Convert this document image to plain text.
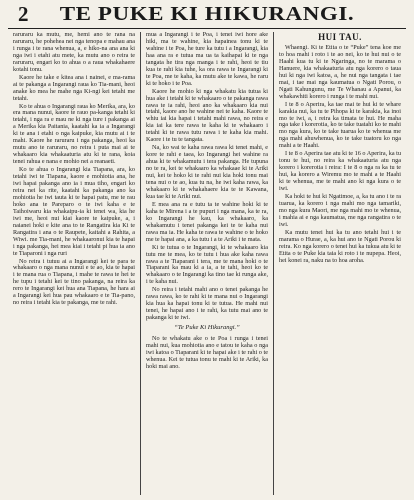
2	TE PUKE KI HIKURANGI.

raruraru ka mutu, me, hemi ano te rana na raruraru, he pohehea nei nga tenopa e mahau ana i runga i te rana whenua, a, e hiko-na ana ana ki nga iwi i etahi atu mete, ka mutu ano o reira te raruraru, engari ko to ahua o a raua whakahaere kotahi tonu.

Kaore he take e kitea ana i nainei, e ma-rama ai te pakanga a Ingarangi raua ko Tia-mani, heoi anake ko mea he mahe nga Ki-ngi kei tetahi me tetahi.

Ko te ahua o Ingarangi raua ko Merika, ara, ko era mana nunui, kaore te rauo pa-kanga tetahi ki tetahi, i nga ra e mau ne ki nga ture i pakanga ai a Merika kia Paitania, kaatahi ka ia a Ingarangi ki te ana i etahi o nga kaipuke, kia mutu ai i te mahi. Kaore he raruraru i nga pakanga, heoi ka mutu ano te raruraru, no reira i puta mai ai te whakaaro kia whakaaturia atu ki te rana, koia tenei rahua e nana e mohio nei a reanaeti.

Ko te ahua o Ingarangi kia Tiapana, ara, ko tetahi iwi te Tiapana, kaore e mohiotia ana, he iwi hapai pakanga ano ia i mua tiho, engari ko reira nei ka rite, kaatahi ka pakanga ano ka mohiotia he iwi tauta ki te hapai patu, me te rau hoko ana te Pareparo o te iwi kaha e te Taihoiwaru kia whakaipu-ia ki tenei wa, kia he iwi me, heoi nui kiai kaore te kaipuke, a, i naianei hoki e kite ana to te Rangatira kia Ki te Rangatira i ana o te Raupete, kaitahi a Rahita, a Wiwi. me Tia-mani, he whakaaronui kia te hapai i nga pakanga, hei mea kiai i tetahi pi hua ia ano te Tiaparoni i nga ruri

No reira i tutuu ai a Ingarangi kei te para te whakaaro o nga mana nunui e te ao, kia te hapai i te mana rua o Tiapana, i mahe te rawa te hei te he tupu i tetahi kei te tino pakanga, na reira ka rero te Ingarangi kei hua ana Tiapana, he hara ai a Ingarangi kei hua pau whakaaro e te Tia-pano, no reira i tetahi kia te pakanga, me te rahi.

mua a Ingarangi i te Poa, i tenei iwi hore ake hiki, ma te wahine, kia hapainea tonu ki te wahine i te Poa, he ture ka tutu i a Ingarangi, kia haa ana ra e tutua ma ua ta kaihapai ki te nga tangata he tira nga manga i te rahi, heoi te tiu kua te rahi kia tuhe, ka ora rawa te Ingarangi ki te Poa, me te kaha, ka mutu ake te kawa, he raru ki te hoko i te Poa.

Kaore he mohio ki nga whakatu kia tutua ki hua ake i tetahi ki te whakaaro o te pakanga rawa rawa te ia rahi, heoi ano ka whakaaro kia nui tetahi, kaore ano he wahine nei te kaha. Kaore te whiu iai kia hapai i tetahi mahi rawa, no reira e kia iai ka tere rawa te kaha ki te whakaaro i tetahi ki te rawa tutu rawa i te kaha kia mahi. Kaore i te tu te tangata.

Na, ko wai te kaha rawa rawa ki tenei mahi, e kore te rahi e taea, ko Ingarangi hei wahine ra ahua ki te whakamutu i tera pakanga. He tupuna no te ra, kei te whakaaro ka whakaae ki te Ariki nui, kei te hoko ki te rahi nui kia hoki tonu mai tena nui o te ao, kua tu na, he iwi kaha rawa, ka whakaaro ki te whakahaere kia te te Kawana, kua tae ki te Ariki nui.

E mea ana ra e tutu ta te wahine hoki ki te kaha te Mirena i a te pupuri i nga mana, ka te ra, ko Ingarangi he kau, ka whakaaro, ka whakamutu i tenei pakanga kei te te kaha nui rawa ma ia. He kaha te rawa te wahine o te hoko me te hapai ana, a ka tutu i a te Ariki i te mata.

Ki te tutua o te Ingarangi, ki te whakaaro kia tutu me te mea, ko te tutu i hua ake kaha rawa rawa a te Tiaparani i tera, me te mana hoki o te Tiaparani ka mau ki a ia, a te tahi, heoi ko te whakaaro o te Ingarangi ka tino tae ki runga ake, i te kaha nui.

No reira i tetahi mahi ano o tenei pakanga he rawa rawa, ko te rahi ki te mana nui o Ingarangi kia hua ka hapai tonu ki te tutua. He mahi nui tenei, he hapai ano i te rahi, ka tutu mai ano te pakanga ki te iwi.

“Te Puke Ki Hikurangi.”

No te whakatu ake o te Poa i runga i tenei mahi nui, kua mohiotia ano e tatou te kaha o nga iwi katoa o Tiaparani ki te hapai ake i te rahi o te whenua. Kei te tutua tonu te mahi ki te Ariki, ka hoki mai ano.

HUI TAU.

Whaengi. Ki te Etita o te “Puke” tena koe me to hoa mahi i roto i te ao nei, ko te hui nui o te Haahi kua tu ki te Ngaringa, no te marama o Hanuere, kia whakaaturia atu nga korero o taua hui ki nga iwi katoa, a, he nui nga tangata i tae mai, i tae mai nga kaumatua o Ngati Porou, o Ngati Kahungunu, me Te Whanau a Apanui, ka whakawhiti korero i runga i te mahi nui.

I te 8 o Aperira, ka tae mai te hui ki te whare karakia nui, ka tu te Pihopa ki te karakia, ka inoi mo te iwi, a, i reira ka timata te hui. He maha nga take i korerotia, ko te take tuatahi ko te mahi mo nga kura, ko te take tuarua ko te whenua me nga mahi ahuwhenua, ko te take tuatoru ko nga mahi a te Haahi.

I te 8 o Aperira tae atu ki te 16 o Aperira, ka tu tonu te hui, no reira ka whakaaturia atu nga korero i korerotia i reira: I te 8 o nga ra ka tu te hui, ka korero a Wiremu mo te mahi a te Haahi ki te whenua, me te mahi ano ki nga kura o te iwi.

Ka hoki te hui ki Ngatimoe, a, ka tu ano i te ra tuarua, ka korero i nga mahi mo nga tamariki, mo nga kura Maori, me nga mahi mo te whenua, i mahia ai e nga kaumatua, me nga rangatira o te iwi.

Ka mutu tenei hui ka tu ano tetahi hui i te marama o Hurae, a, ka hui ano te Ngati Porou ki reira. Ko nga korero o tenei hui ka tukua atu ki te Etita o te Puke kia taia ki roto i te nupepa. Heoi, hei konei ra, naku na to hoa aroha.
